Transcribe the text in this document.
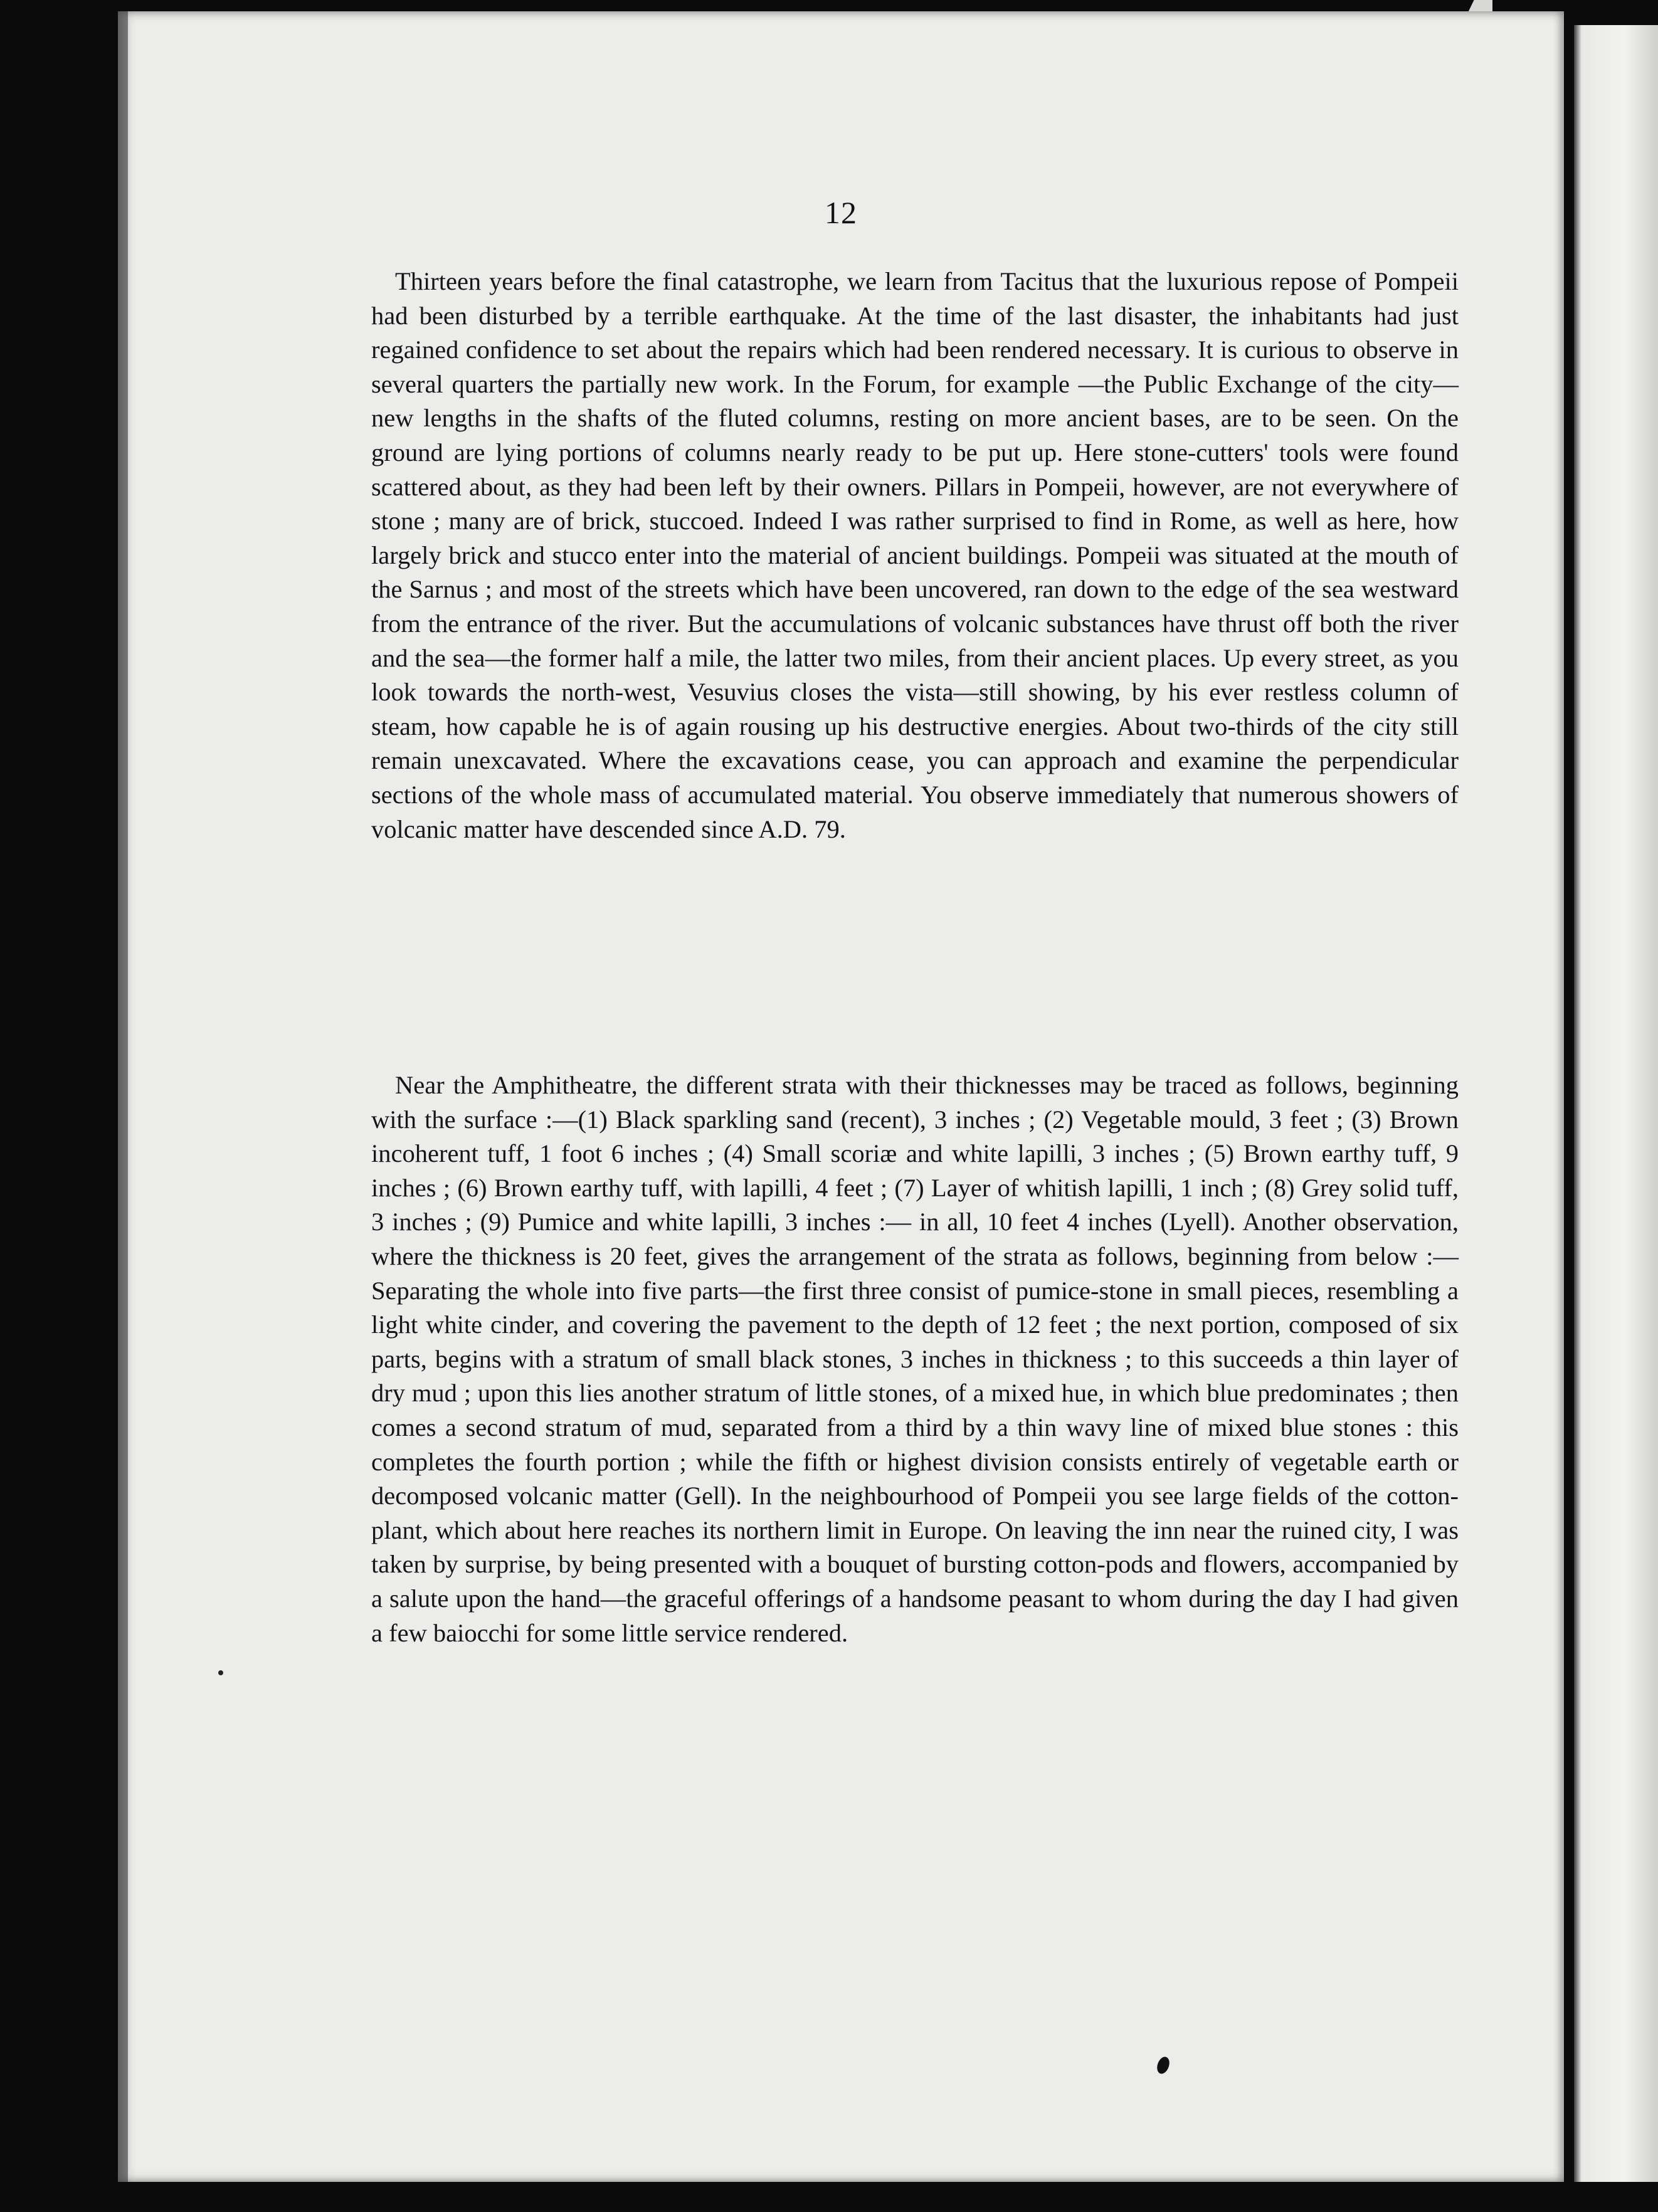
12

Thirteen years before the final catastrophe, we learn from Tacitus that the luxurious repose of Pompeii had been disturbed by a terrible earthquake. At the time of the last disaster, the inhabitants had just regained confidence to set about the repairs which had been rendered necessary. It is curious to observe in several quarters the partially new work. In the Forum, for example —the Public Exchange of the city—new lengths in the shafts of the fluted columns, resting on more ancient bases, are to be seen. On the ground are lying portions of columns nearly ready to be put up. Here stone-cutters' tools were found scattered about, as they had been left by their owners. Pillars in Pompeii, however, are not everywhere of stone ; many are of brick, stuccoed. Indeed I was rather surprised to find in Rome, as well as here, how largely brick and stucco enter into the material of ancient buildings. Pompeii was situated at the mouth of the Sarnus ; and most of the streets which have been uncovered, ran down to the edge of the sea westward from the entrance of the river. But the accumulations of volcanic substances have thrust off both the river and the sea—the former half a mile, the latter two miles, from their ancient places. Up every street, as you look towards the north-west, Vesuvius closes the vista—still showing, by his ever restless column of steam, how capable he is of again rousing up his destructive energies. About two-thirds of the city still remain unexcavated. Where the excavations cease, you can approach and examine the perpendicular sections of the whole mass of accumulated material. You observe immediately that numerous showers of volcanic matter have descended since A.D. 79.

Near the Amphitheatre, the different strata with their thicknesses may be traced as follows, beginning with the surface :—(1) Black sparkling sand (recent), 3 inches ; (2) Vegetable mould, 3 feet ; (3) Brown incoherent tuff, 1 foot 6 inches ; (4) Small scoriæ and white lapilli, 3 inches ; (5) Brown earthy tuff, 9 inches ; (6) Brown earthy tuff, with lapilli, 4 feet ; (7) Layer of whitish lapilli, 1 inch ; (8) Grey solid tuff, 3 inches ; (9) Pumice and white lapilli, 3 inches :— in all, 10 feet 4 inches (Lyell). Another observation, where the thickness is 20 feet, gives the arrangement of the strata as follows, beginning from below :— Separating the whole into five parts—the first three consist of pumice-stone in small pieces, resembling a light white cinder, and covering the pavement to the depth of 12 feet ; the next portion, composed of six parts, begins with a stratum of small black stones, 3 inches in thickness ; to this succeeds a thin layer of dry mud ; upon this lies another stratum of little stones, of a mixed hue, in which blue predominates ; then comes a second stratum of mud, separated from a third by a thin wavy line of mixed blue stones : this completes the fourth portion ; while the fifth or highest division consists entirely of vegetable earth or decomposed volcanic matter (Gell). In the neighbourhood of Pompeii you see large fields of the cotton-plant, which about here reaches its northern limit in Europe. On leaving the inn near the ruined city, I was taken by surprise, by being presented with a bouquet of bursting cotton-pods and flowers, accompanied by a salute upon the hand—the graceful offerings of a handsome peasant to whom during the day I had given a few baiocchi for some little service rendered.
